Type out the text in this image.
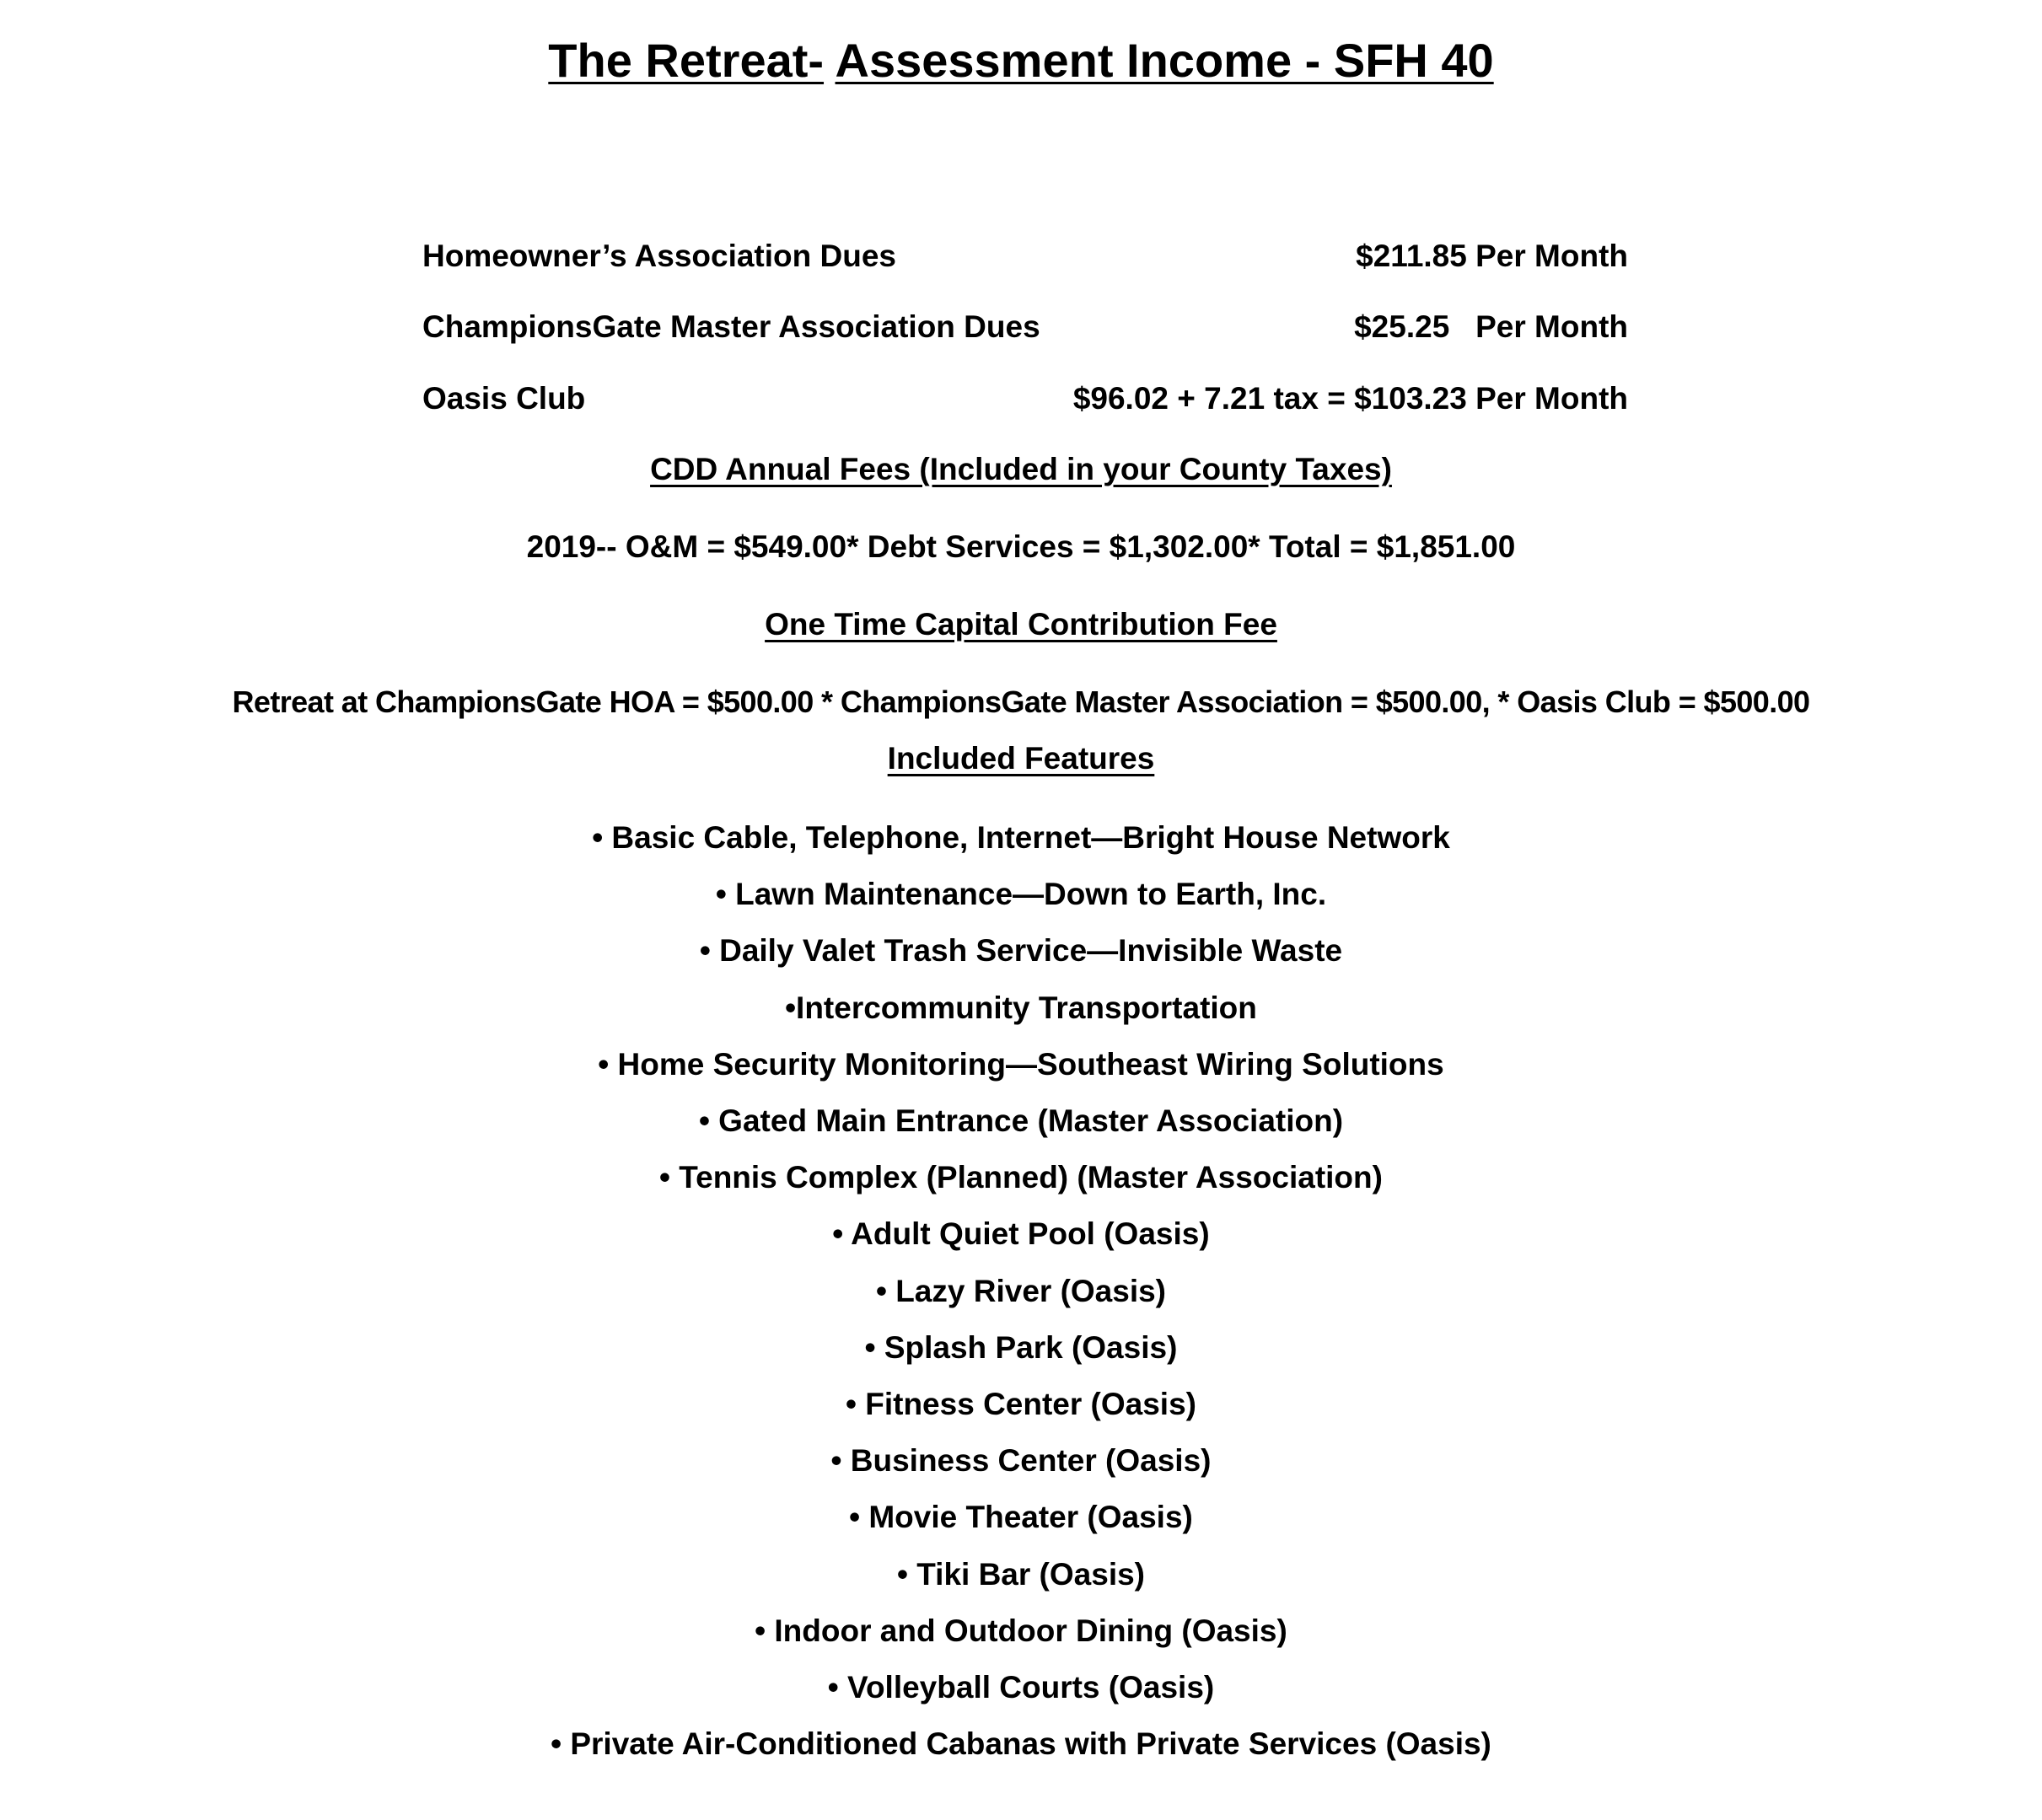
The Retreat- Assessment Income - SFH 40
Homeowner’s Association Dues	$211.85 Per Month
ChampionsGate Master Association Dues	$25.25   Per Month
Oasis Club	$96.02 + 7.21 tax = $103.23 Per Month
CDD Annual Fees (Included in your County Taxes)
2019-- O&M = $549.00* Debt Services = $1,302.00* Total = $1,851.00
One Time Capital Contribution Fee
Retreat at ChampionsGate HOA = $500.00 * ChampionsGate Master Association = $500.00, * Oasis Club = $500.00
Included Features
• Basic Cable, Telephone, Internet—Bright House Network
• Lawn Maintenance—Down to Earth, Inc.
• Daily Valet Trash Service—Invisible Waste
•Intercommunity Transportation
• Home Security Monitoring—Southeast Wiring Solutions
• Gated Main Entrance (Master Association)
• Tennis Complex (Planned) (Master Association)
• Adult Quiet Pool (Oasis)
• Lazy River (Oasis)
• Splash Park (Oasis)
• Fitness Center (Oasis)
• Business Center (Oasis)
• Movie Theater (Oasis)
• Tiki Bar (Oasis)
• Indoor and Outdoor Dining (Oasis)
• Volleyball Courts (Oasis)
• Private Air-Conditioned Cabanas with Private Services (Oasis)
